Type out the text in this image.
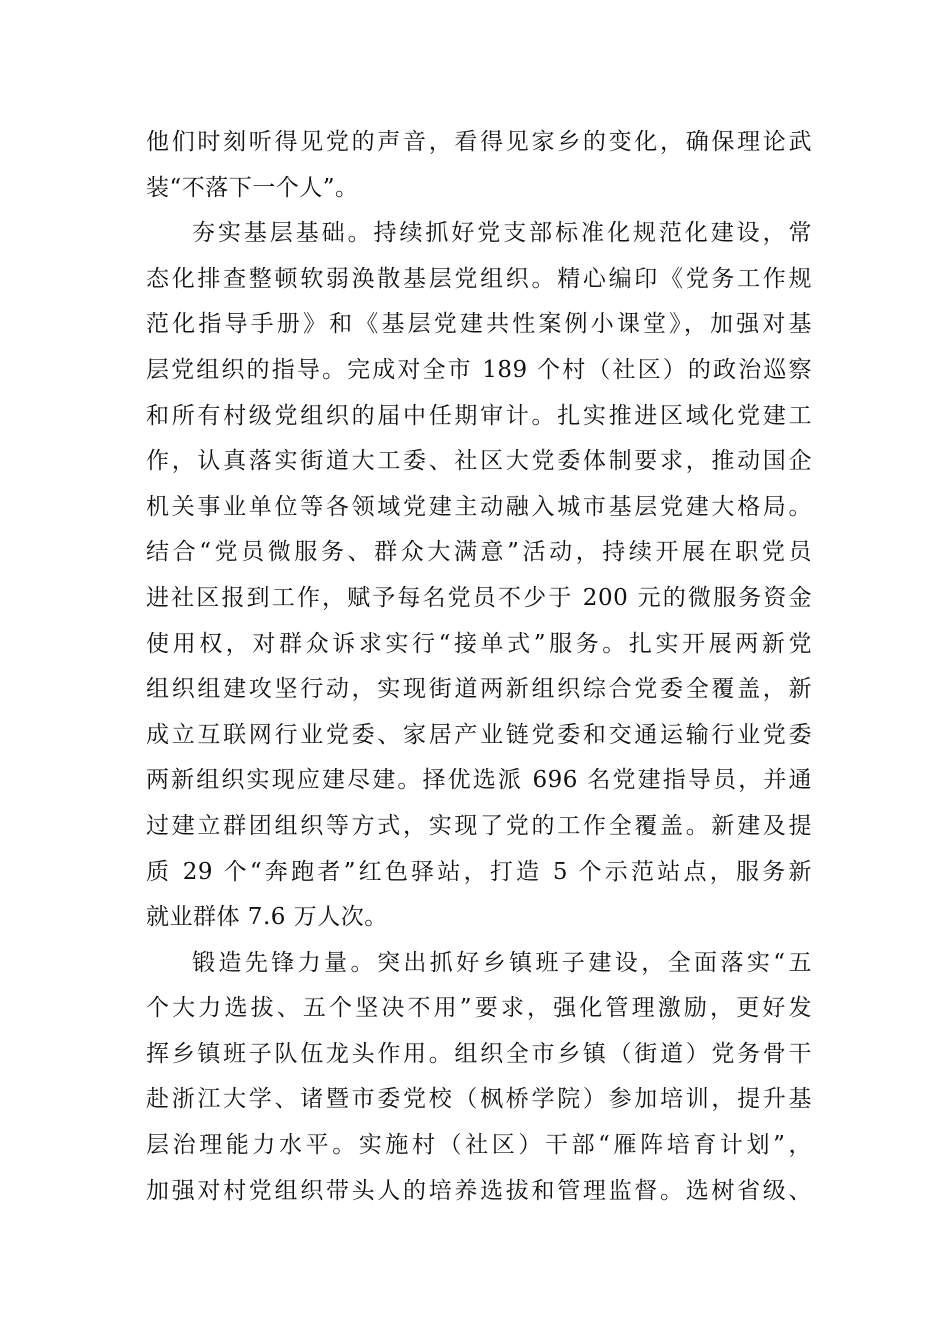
他们时刻听得见党的声音，看得见家乡的变化，确保理论武
装“不落下一个人”。
夯实基层基础。持续抓好党支部标准化规范化建设，常
态化排查整顿软弱涣散基层党组织。精心编印《党务工作规
范化指导手册》和《基层党建共性案例小课堂》，加强对基
层党组织的指导。完成对全市 189 个村（社区）的政治巡察
和所有村级党组织的届中任期审计。扎实推进区域化党建工
作，认真落实街道大工委、社区大党委体制要求，推动国企
机关事业单位等各领域党建主动融入城市基层党建大格局。
结合“党员微服务、群众大满意”活动，持续开展在职党员
进社区报到工作，赋予每名党员不少于 200 元的微服务资金
使用权，对群众诉求实行“接单式”服务。扎实开展两新党
组织组建攻坚行动，实现街道两新组织综合党委全覆盖，新
成立互联网行业党委、家居产业链党委和交通运输行业党委
两新组织实现应建尽建。择优选派 696 名党建指导员，并通
过建立群团组织等方式，实现了党的工作全覆盖。新建及提
质 29 个“奔跑者”红色驿站，打造 5 个示范站点，服务新
就业群体 7.6 万人次。
锻造先锋力量。突出抓好乡镇班子建设，全面落实“五
个大力选拔、五个坚决不用”要求，强化管理激励，更好发
挥乡镇班子队伍龙头作用。组织全市乡镇（街道）党务骨干
赴浙江大学、诸暨市委党校（枫桥学院）参加培训，提升基
层治理能力水平。实施村（社区）干部“雁阵培育计划”，
加强对村党组织带头人的培养选拔和管理监督。选树省级、
